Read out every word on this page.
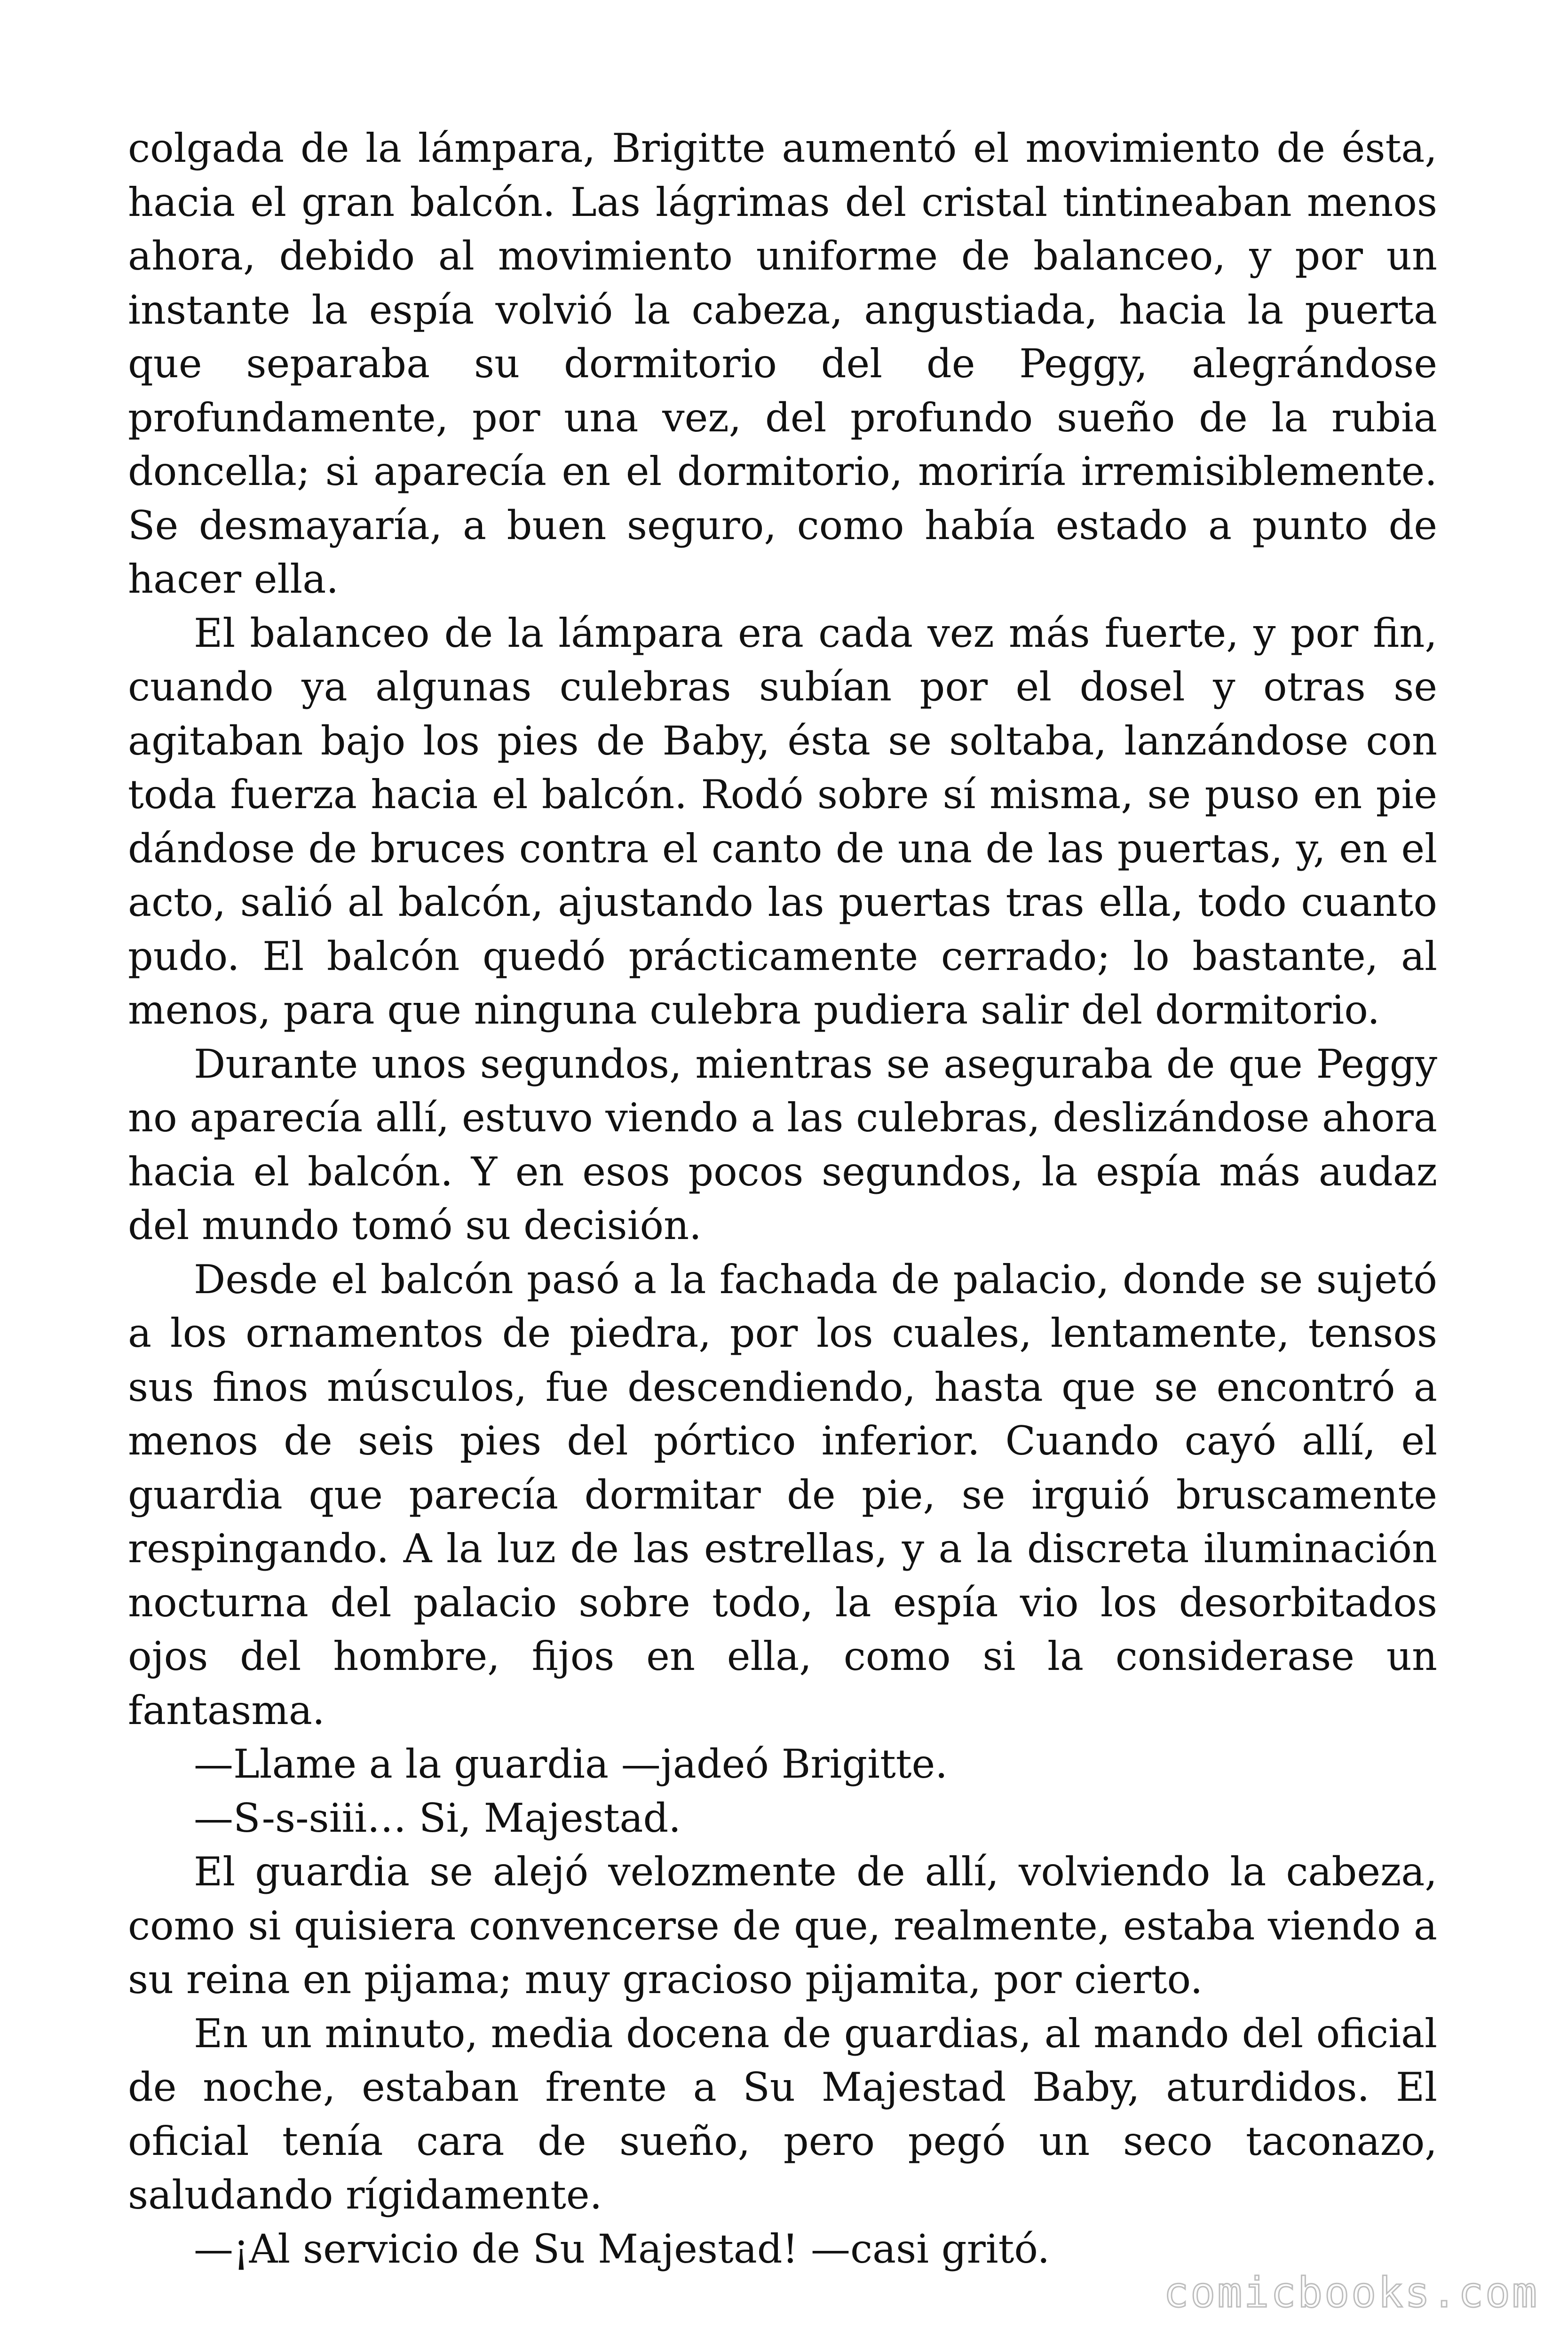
colgada de la lámpara, Brigitte aumentó el movimiento de ésta, hacia el gran balcón. Las lágrimas del cristal tintineaban menos ahora, debido al movimiento uniforme de balanceo, y por un instante la espía volvió la cabeza, angustiada, hacia la puerta que separaba su dormitorio del de Peggy, alegrándose profundamente, por una vez, del profundo sueño de la rubia doncella; si aparecía en el dormitorio, moriría irremisiblemente. Se desmayaría, a buen seguro, como había estado a punto de hacer ella.

El balanceo de la lámpara era cada vez más fuerte, y por fin, cuando ya algunas culebras subían por el dosel y otras se agitaban bajo los pies de Baby, ésta se soltaba, lanzándose con toda fuerza hacia el balcón. Rodó sobre sí misma, se puso en pie dándose de bruces contra el canto de una de las puertas, y, en el acto, salió al balcón, ajustando las puertas tras ella, todo cuanto pudo. El balcón quedó prácticamente cerrado; lo bastante, al menos, para que ninguna culebra pudiera salir del dormitorio.

Durante unos segundos, mientras se aseguraba de que Peggy no aparecía allí, estuvo viendo a las culebras, deslizándose ahora hacia el balcón. Y en esos pocos segundos, la espía más audaz del mundo tomó su decisión.

Desde el balcón pasó a la fachada de palacio, donde se sujetó a los ornamentos de piedra, por los cuales, lentamente, tensos sus finos músculos, fue descendiendo, hasta que se encontró a menos de seis pies del pórtico inferior. Cuando cayó allí, el guardia que parecía dormitar de pie, se irguió bruscamente respingando. A la luz de las estrellas, y a la discreta iluminación nocturna del palacio sobre todo, la espía vio los desorbitados ojos del hombre, fijos en ella, como si la considerase un fantasma.

—Llame a la guardia —jadeó Brigitte.

—S-s-siii… Si, Majestad.

El guardia se alejó velozmente de allí, volviendo la cabeza, como si quisiera convencerse de que, realmente, estaba viendo a su reina en pijama; muy gracioso pijamita, por cierto.

En un minuto, media docena de guardias, al mando del oficial de noche, estaban frente a Su Majestad Baby, aturdidos. El oficial tenía cara de sueño, pero pegó un seco taconazo, saludando rígidamente.

—¡Al servicio de Su Majestad! —casi gritó.

comicbooks.com
